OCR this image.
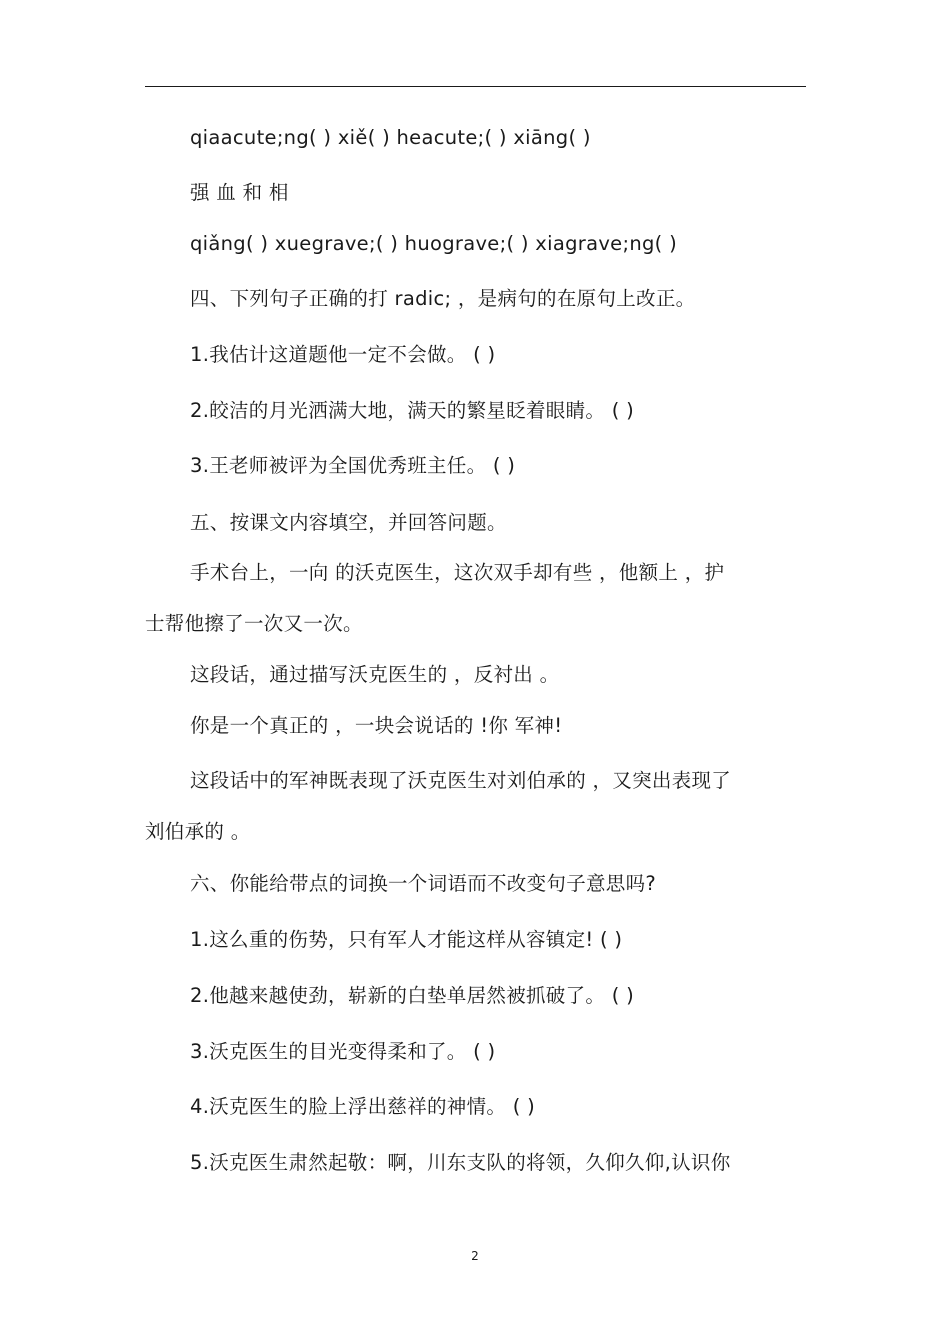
qiaacute;ng( ) xiě( ) heacute;( ) xiāng( )
强 血 和 相
qiǎng( ) xuegrave;( ) huograve;( ) xiagrave;ng( )
四、下列句子正确的打 radic; ，是病句的在原句上改正。
1.我估计这道题他一定不会做。 ( )
2.皎洁的月光洒满大地，满天的繁星眨着眼睛。 ( )
3.王老师被评为全国优秀班主任。 ( )
五、按课文内容填空，并回答问题。
手术台上，一向 的沃克医生，这次双手却有些 ，他额上 ，护
士帮他擦了一次又一次。
这段话，通过描写沃克医生的 ，反衬出 。
你是一个真正的 ，一块会说话的 !你 军神!
这段话中的军神既表现了沃克医生对刘伯承的 ，又突出表现了
刘伯承的 。
六、你能给带点的词换一个词语而不改变句子意思吗?
1.这么重的伤势，只有军人才能这样从容镇定! ( )
2.他越来越使劲，崭新的白垫单居然被抓破了。 ( )
3.沃克医生的目光变得柔和了。 ( )
4.沃克医生的脸上浮出慈祥的神情。 ( )
5.沃克医生肃然起敬：啊，川东支队的将领，久仰久仰,认识你
2
